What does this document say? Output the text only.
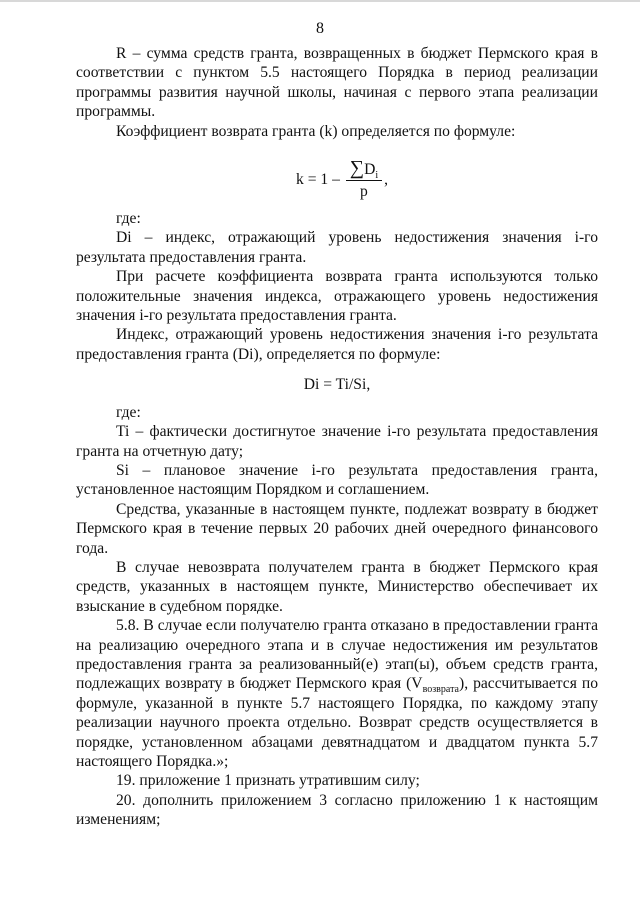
8

R – сумма средств гранта, возвращенных в бюджет Пермского края в соответствии с пунктом 5.5 настоящего Порядка в период реализации программы развития научной школы, начиная с первого этапа реализации программы.

Коэффициент возврата гранта (k) определяется по формуле:

$k = 1 - \frac{\sum D_i}{p}$ ,

где:

Di – индекс, отражающий уровень недостижения значения i-го результата предоставления гранта.

При расчете коэффициента возврата гранта используются только положительные значения индекса, отражающего уровень недостижения значения i-го результата предоставления гранта.

Индекс, отражающий уровень недостижения значения i-го результата предоставления гранта (Di), определяется по формуле:

Di = Ti/Si,

где:

Ti – фактически достигнутое значение i-го результата предоставления гранта на отчетную дату;

Si – плановое значение i-го результата предоставления гранта, установленное настоящим Порядком и соглашением.

Средства, указанные в настоящем пункте, подлежат возврату в бюджет Пермского края в течение первых 20 рабочих дней очередного финансового года.

В случае невозврата получателем гранта в бюджет Пермского края средств, указанных в настоящем пункте, Министерство обеспечивает их взыскание в судебном порядке.

5.8. В случае если получателю гранта отказано в предоставлении гранта на реализацию очередного этапа и в случае недостижения им результатов предоставления гранта за реализованный(е) этап(ы), объем средств гранта, подлежащих возврату в бюджет Пермского края $(V_{возврата})$, рассчитывается по формуле, указанной в пункте 5.7 настоящего Порядка, по каждому этапу реализации научного проекта отдельно. Возврат средств осуществляется в порядке, установленном абзацами девятнадцатом и двадцатом пункта 5.7 настоящего Порядка.»;

19. приложение 1 признать утратившим силу;

20. дополнить приложением 3 согласно приложению 1 к настоящим изменениям;
